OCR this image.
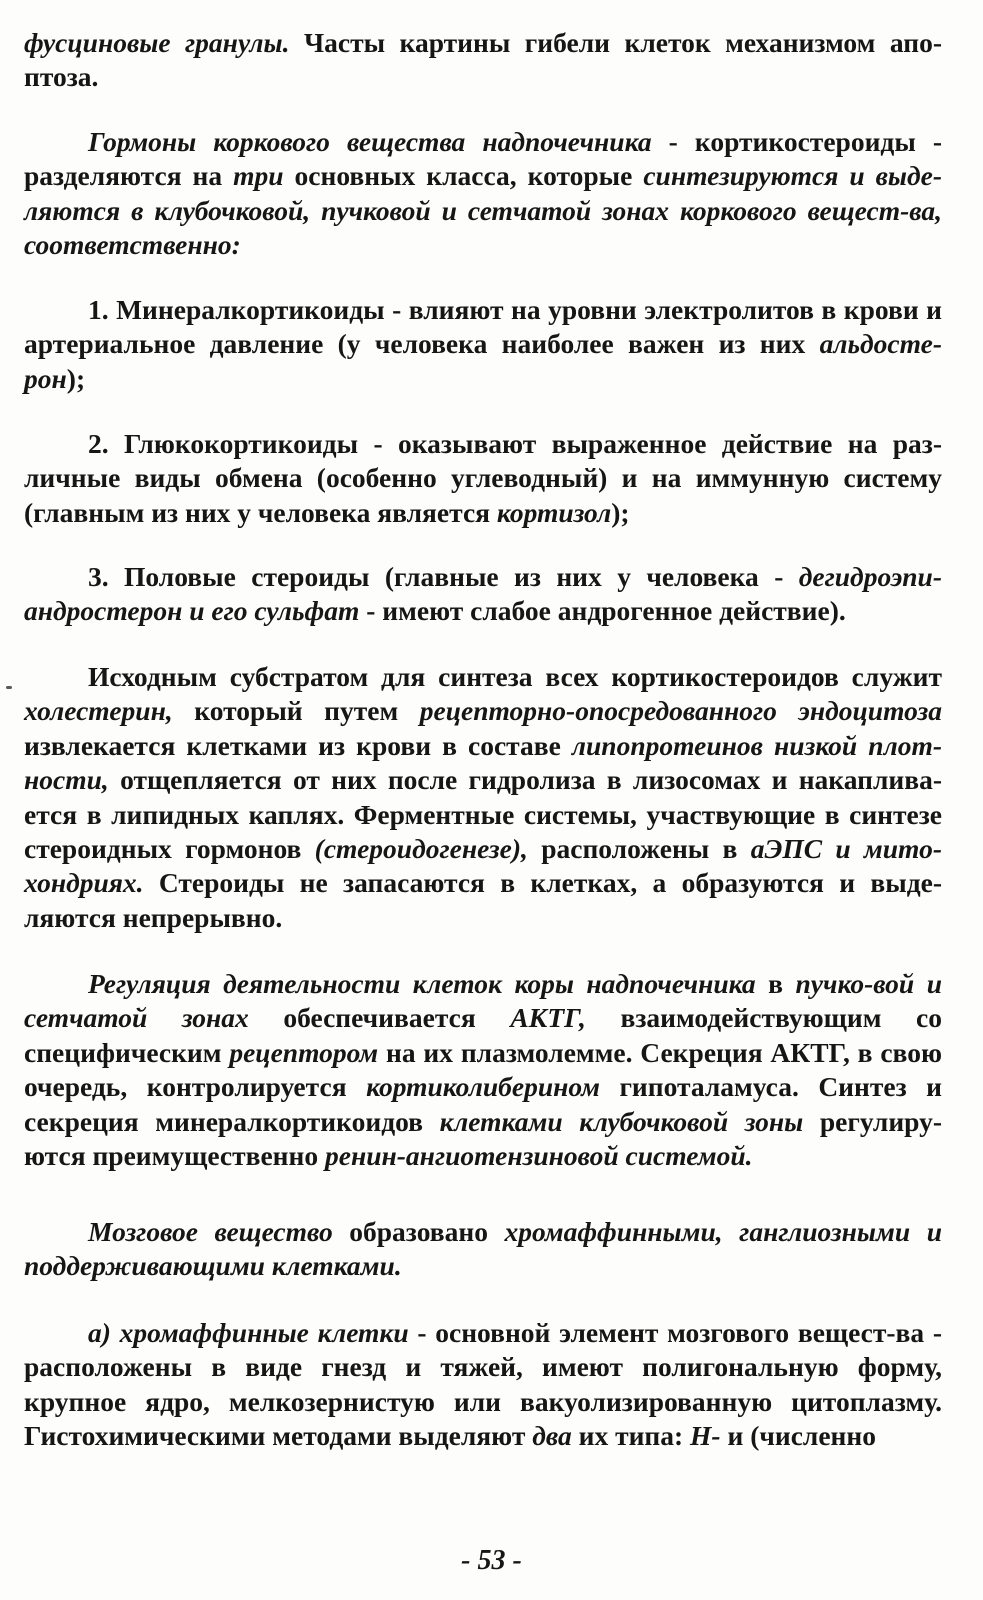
фусциновые гранулы. Часты картины гибели клеток механизмом апо-птоза.
Гормоны коркового вещества надпочечника - кортикостероиды - разделяются на три основных класса, которые синтезируются и выде-ляются в клубочковой, пучковой и сетчатой зонах коркового вещест-ва, соответственно:
1. Минералкортикоиды - влияют на уровни электролитов в крови и артериальное давление (у человека наиболее важен из них альдосте-рон);
2. Глюкокортикоиды - оказывают выраженное действие на раз-личные виды обмена (особенно углеводный) и на иммунную систему (главным из них у человека является кортизол);
3. Половые стероиды (главные из них у человека - дегидроэпи-андростерон и его сульфат - имеют слабое андрогенное действие).
Исходным субстратом для синтеза всех кортикостероидов служит холестерин, который путем рецепторно-опосредованного эндоцитоза извлекается клетками из крови в составе липопротеинов низкой плот-ности, отщепляется от них после гидролиза в лизосомах и накаплива-ется в липидных каплях. Ферментные системы, участвующие в синтезе стероидных гормонов (стероидогенезе), расположены в аЭПС и мито-хондриях. Стероиды не запасаются в клетках, а образуются и выде-ляются непрерывно.
Регуляция деятельности клеток коры надпочечника в пучко-вой и сетчатой зонах обеспечивается АКТГ, взаимодействующим со специфическим рецептором на их плазмолемме. Секреция АКТГ, в свою очередь, контролируется кортиколиберином гипоталамуса. Синтез и секреция минералкортикоидов клетками клубочковой зоны регулиру-ются преимущественно ренин-ангиотензиновой системой.
Мозговое вещество образовано хромаффинными, ганглиозными и поддерживающими клетками.
а) хромаффинные клетки - основной элемент мозгового вещест-ва - расположены в виде гнезд и тяжей, имеют полигональную форму, крупное ядро, мелкозернистую или вакуолизированную цитоплазму. Гистохимическими методами выделяют два их типа: Н- и (численно
- 53 -
